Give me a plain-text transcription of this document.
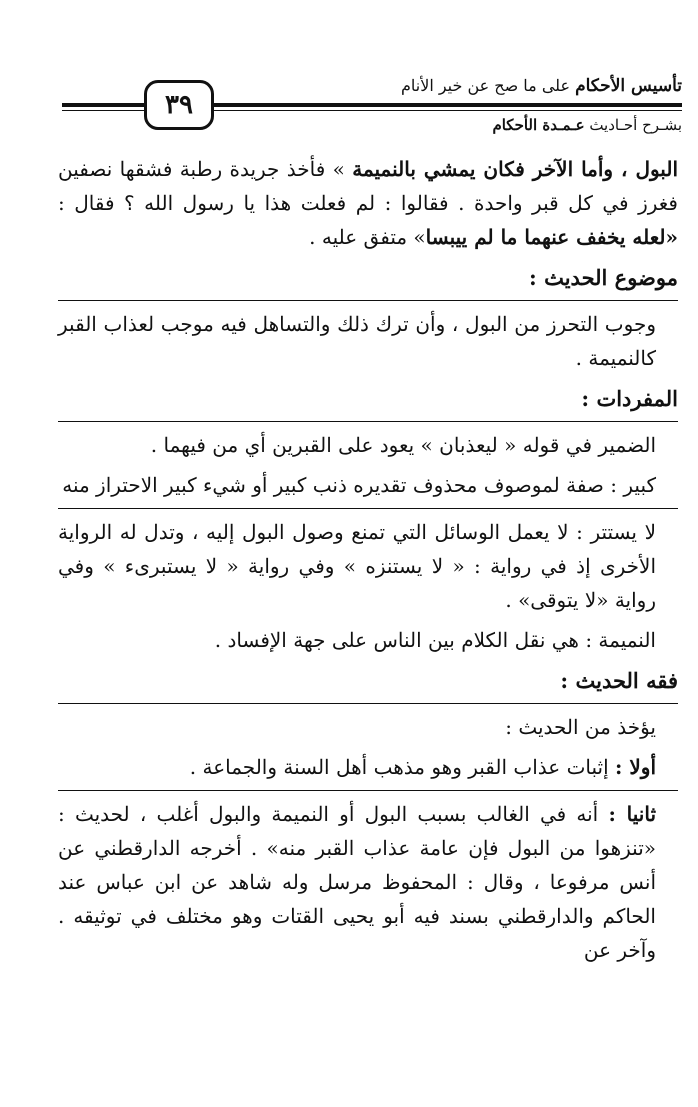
٣٩
تأسيس الأحكام على ما صح عن خير الأنام
بشـرح أحـاديث عـمـدة الأحكام

البول ، وأما الآخر فكان يمشي بالنميمة » فأخذ جريدة رطبة فشقها نصفين فغرز في كل قبر واحدة . فقالوا : لم فعلت هذا يا رسول الله ؟ فقال : «لعله يخفف عنهما ما لم ييبسا» متفق عليه .

موضوع الحديث :

وجوب التحرز من البول ، وأن ترك ذلك والتساهل فيه موجب لعذاب القبر كالنميمة .

المفردات :

الضمير في قوله « ليعذبان » يعود على القبرين أي من فيهما .

كبير : صفة لموصوف محذوف تقديره ذنب كبير أو شيء كبير الاحتراز منه

لا يستتر : لا يعمل الوسائل التي تمنع وصول البول إليه ، وتدل له الرواية الأخرى إذ في رواية : « لا يستنزه » وفي رواية « لا يستبرىء » وفي رواية «لا يتوقى» .

النميمة : هي نقل الكلام بين الناس على جهة الإفساد .

فقه الحديث :

يؤخذ من الحديث :

أولا : إثبات عذاب القبر وهو مذهب أهل السنة والجماعة .

ثانيا : أنه في الغالب بسبب البول أو النميمة والبول أغلب ، لحديث : «تنزهوا من البول فإن عامة عذاب القبر منه» . أخرجه الدارقطني عن أنس مرفوعا ، وقال : المحفوظ مرسل وله شاهد عن ابن عباس عند الحاكم والدارقطني بسند فيه أبو يحيى القتات وهو مختلف في توثيقه . وآخر عن
